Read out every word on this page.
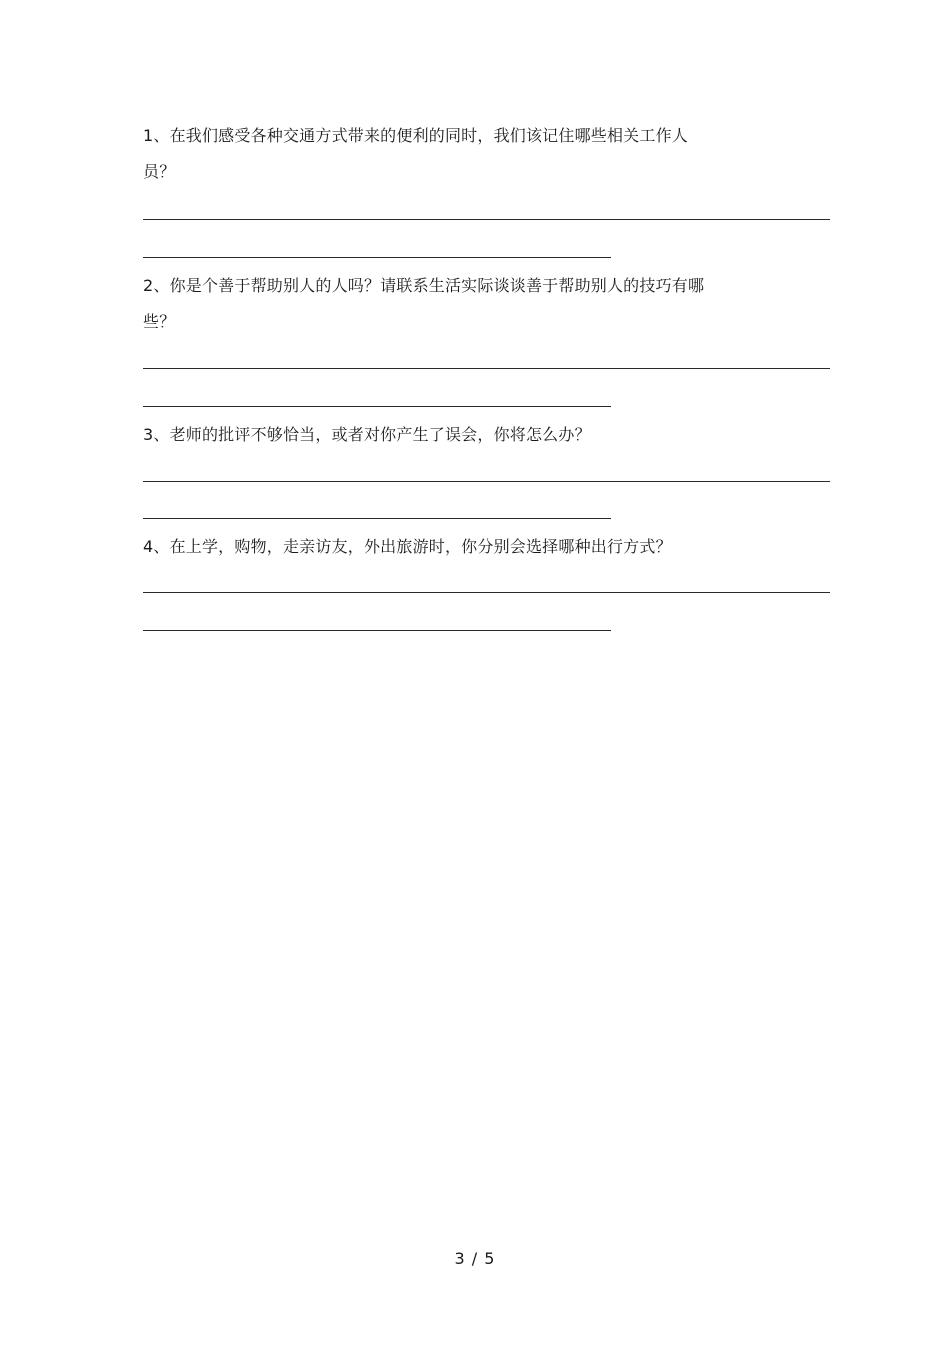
1、在我们感受各种交通方式带来的便利的同时，我们该记住哪些相关工作人
员？
2、你是个善于帮助别人的人吗？请联系生活实际谈谈善于帮助别人的技巧有哪
些？
3、老师的批评不够恰当，或者对你产生了误会，你将怎么办？
4、在上学，购物，走亲访友，外出旅游时，你分别会选择哪种出行方式？
3 / 5
